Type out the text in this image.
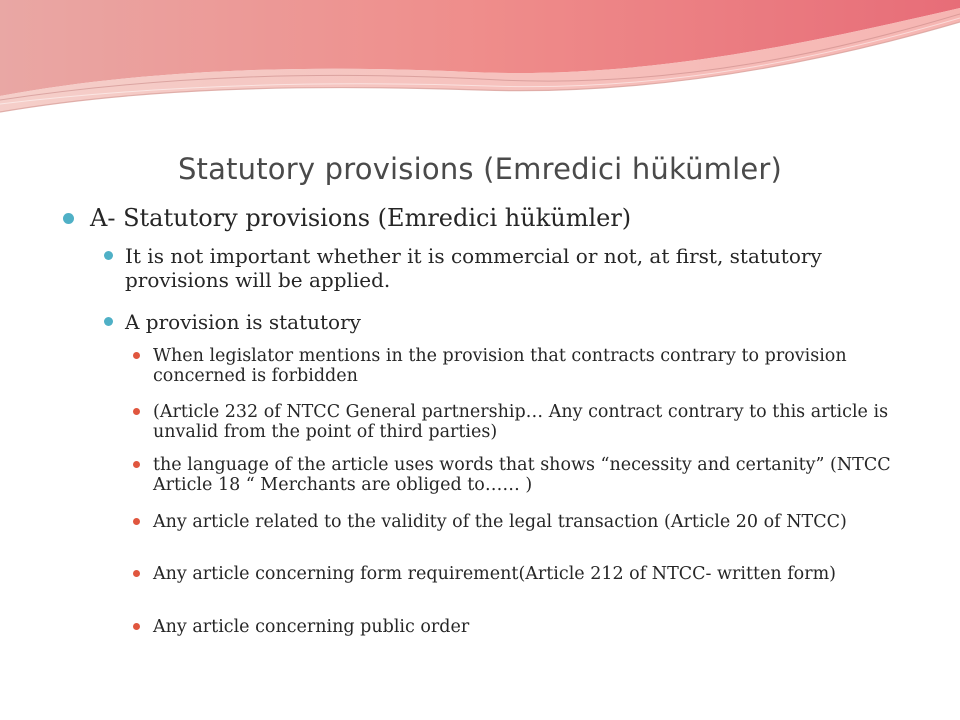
Statutory provisions (Emredici hükümler)
A- Statutory provisions (Emredici hükümler)
It is not important whether it is commercial or not, at first, statutory provisions will be applied.
A provision is statutory
When legislator mentions in the provision that contracts contrary to provision concerned is forbidden
(Article 232 of NTCC General partnership… Any contract contrary to this article is unvalid from the point of third parties)
the language of the article uses words that shows “necessity and certanity” (NTCC Article 18 “ Merchants are obliged to…… )
Any article related to the validity of the legal transaction (Article 20 of NTCC)
Any article concerning form requirement(Article 212 of NTCC- written form)
Any article concerning public order
